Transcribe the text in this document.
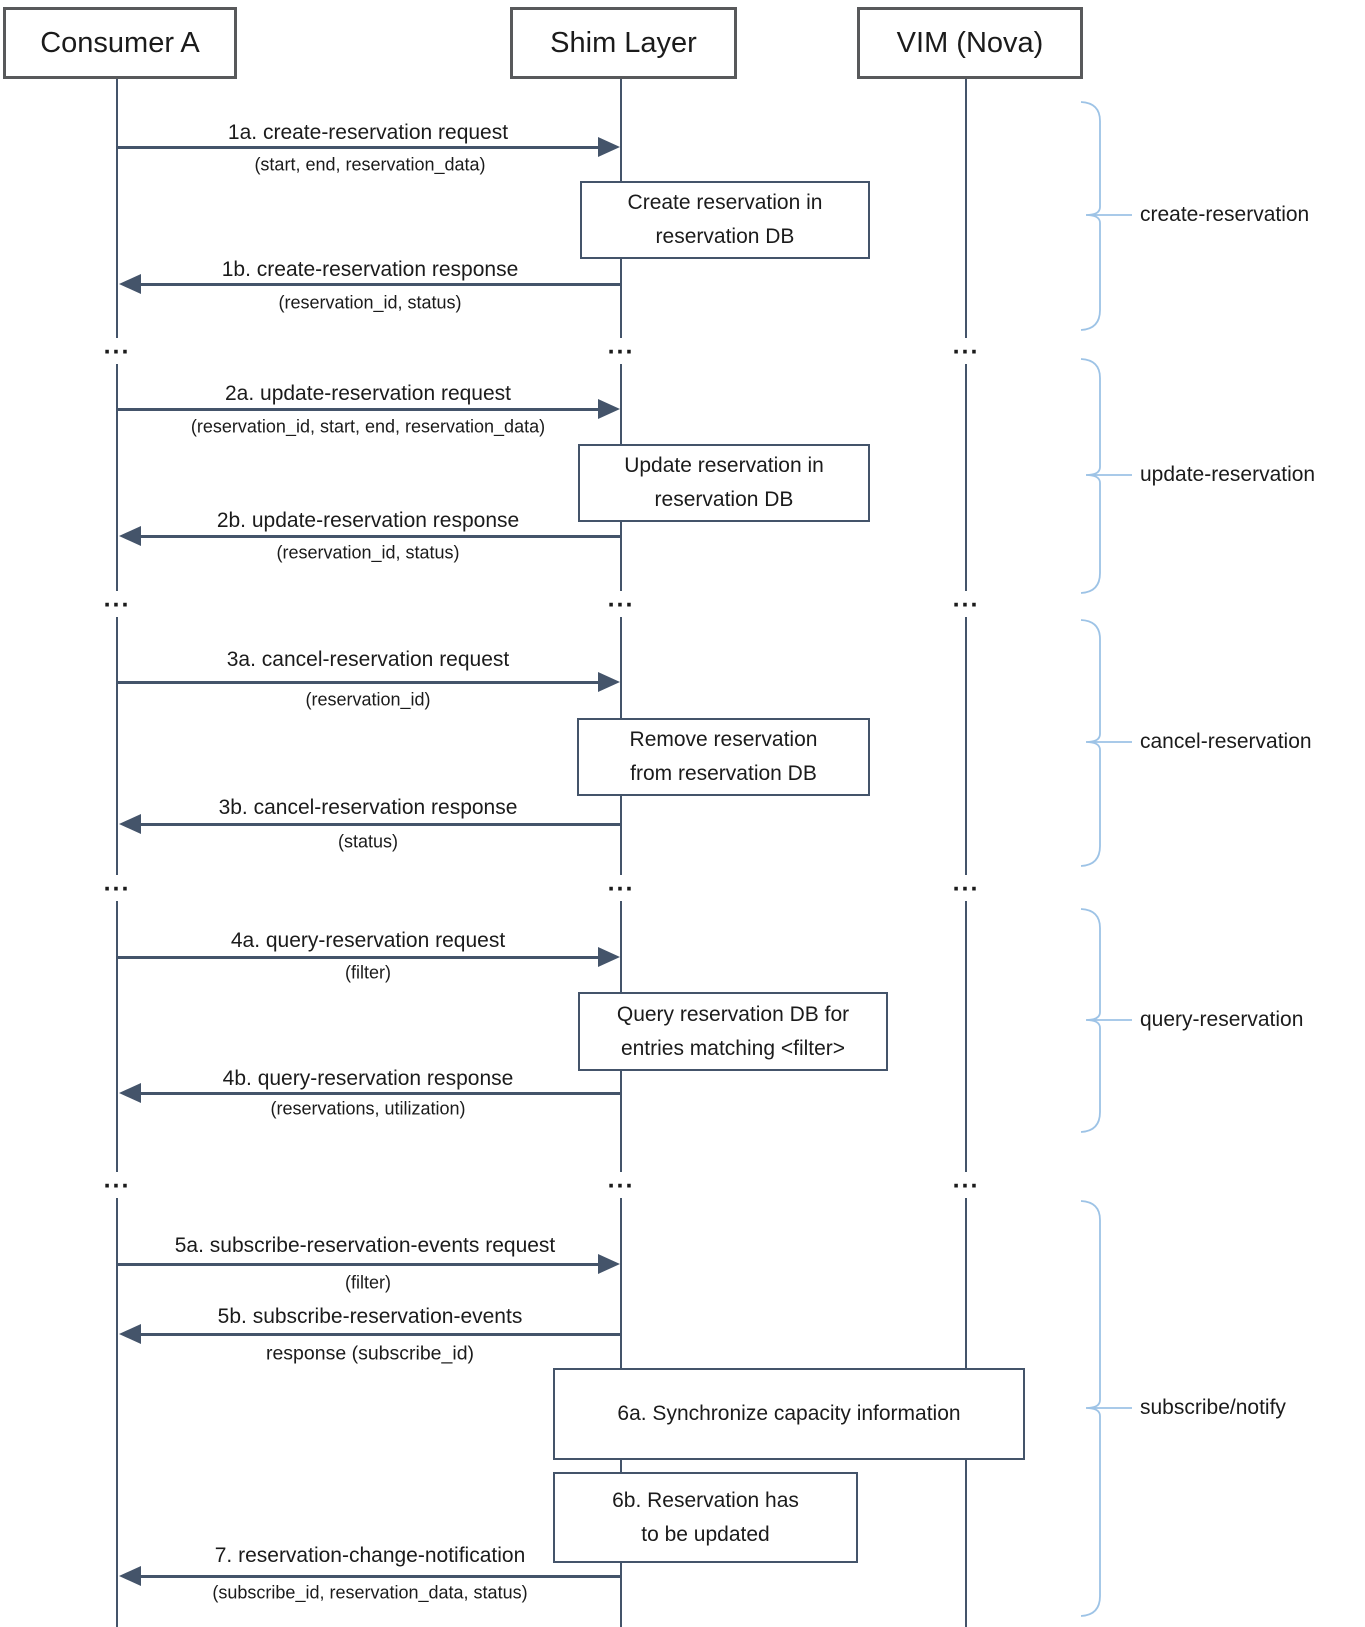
Consumer A	Shim Layer	VIM (Nova)
...	...	...
...	...	...
...	...	...
...	...	...
1a. create-reservation request
(start, end, reservation_data)
1b. create-reservation response
(reservation_id, status)
2a. update-reservation request
(reservation_id, start, end, reservation_data)
2b. update-reservation response
(reservation_id, status)
3a. cancel-reservation request
(reservation_id)
3b. cancel-reservation response
(status)
4a. query-reservation request
(filter)
4b. query-reservation response
(reservations, utilization)
5a. subscribe-reservation-events request
(filter)
5b. subscribe-reservation-events
response (subscribe_id)
7. reservation-change-notification
(subscribe_id, reservation_data, status)
Create reservation in
reservation DB
Update reservation in
reservation DB
Remove reservation
from reservation DB
Query reservation DB for
entries matching <filter>
6a. Synchronize capacity information
6b. Reservation has
to be updated
create-reservation
update-reservation
cancel-reservation
query-reservation
subscribe/notify
